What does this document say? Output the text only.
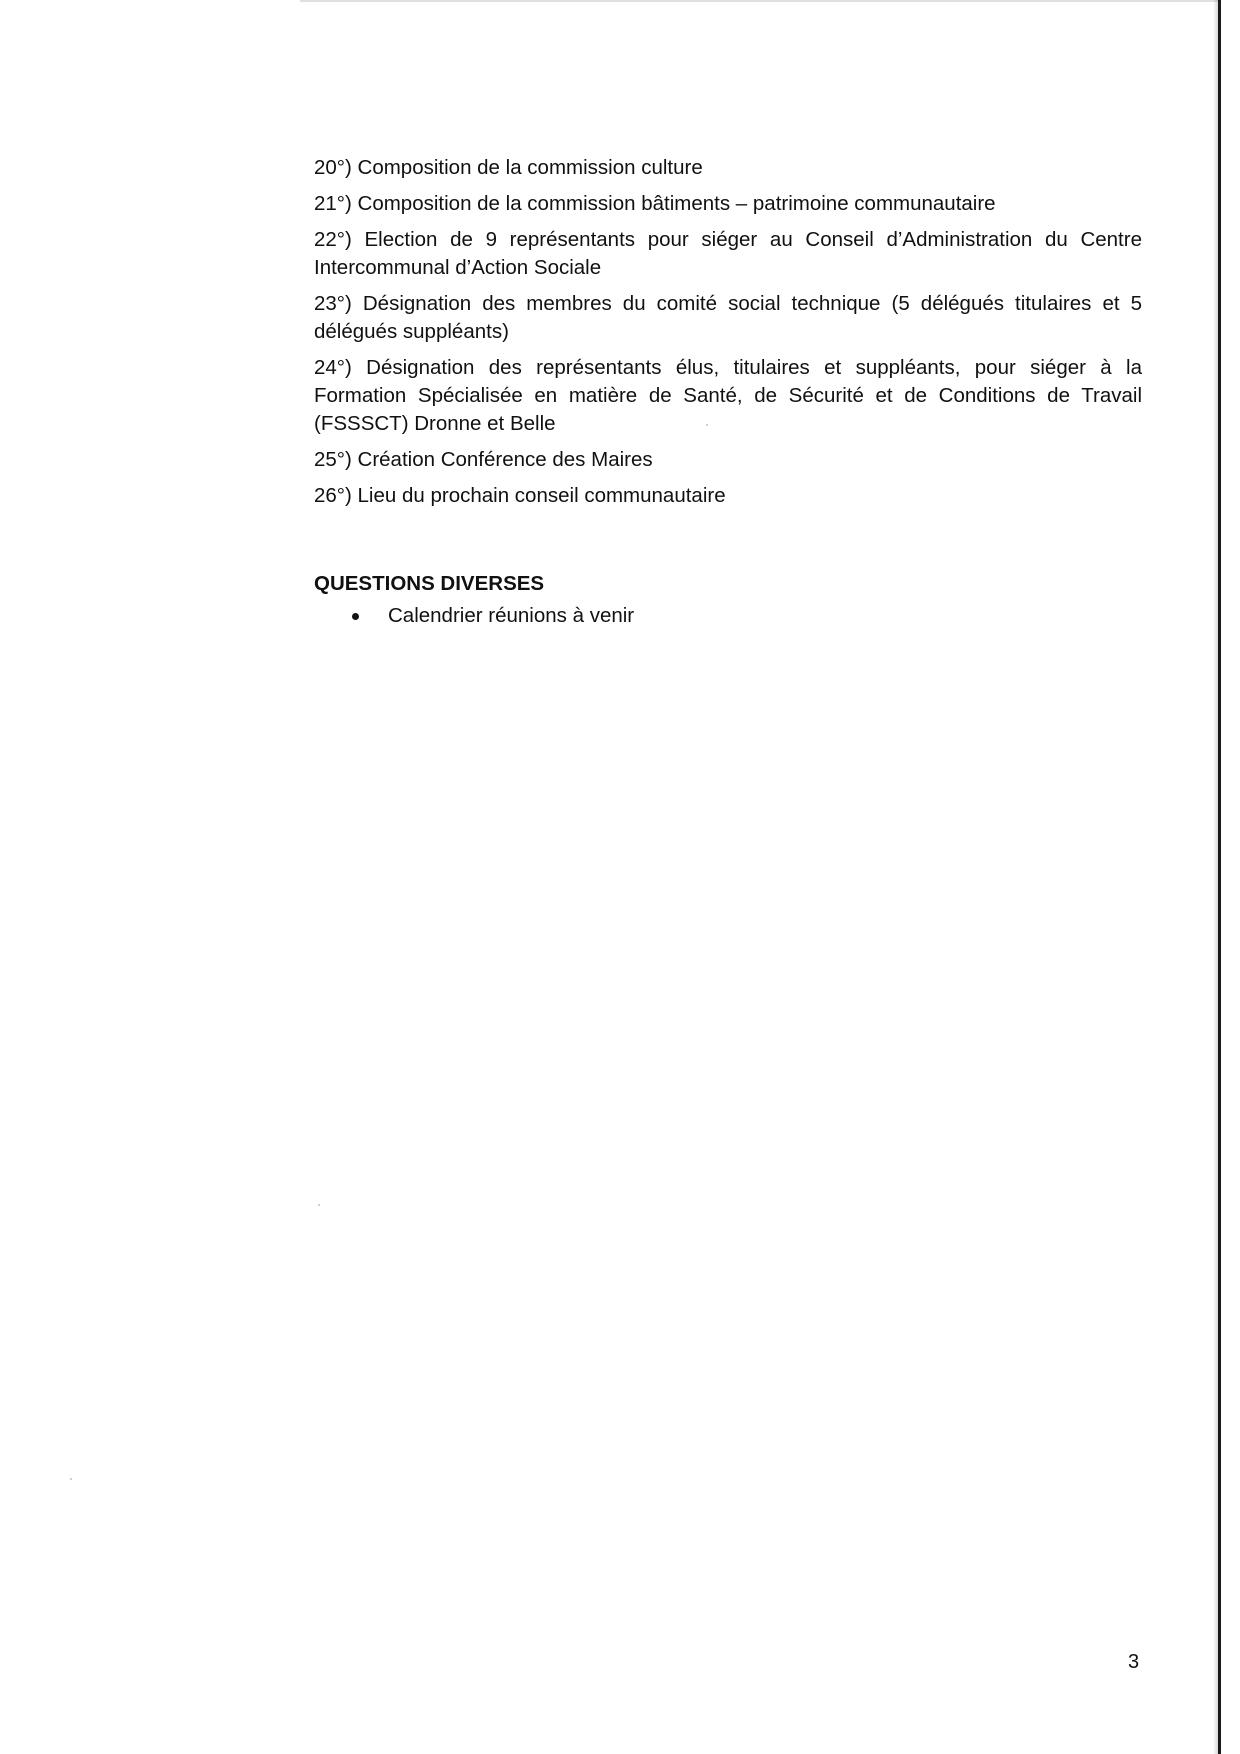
20°) Composition de la commission culture

21°) Composition de la commission bâtiments – patrimoine communautaire

22°) Election de 9 représentants pour siéger au Conseil d’Administration du Centre Intercommunal d’Action Sociale

23°) Désignation des membres du comité social technique (5 délégués titulaires et 5 délégués suppléants)

24°) Désignation des représentants élus, titulaires et suppléants, pour siéger à la Formation Spécialisée en matière de Santé, de Sécurité et de Conditions de Travail (FSSSCT) Dronne et Belle

25°) Création Conférence des Maires

26°) Lieu du prochain conseil communautaire

QUESTIONS DIVERSES
Calendrier réunions à venir
3
